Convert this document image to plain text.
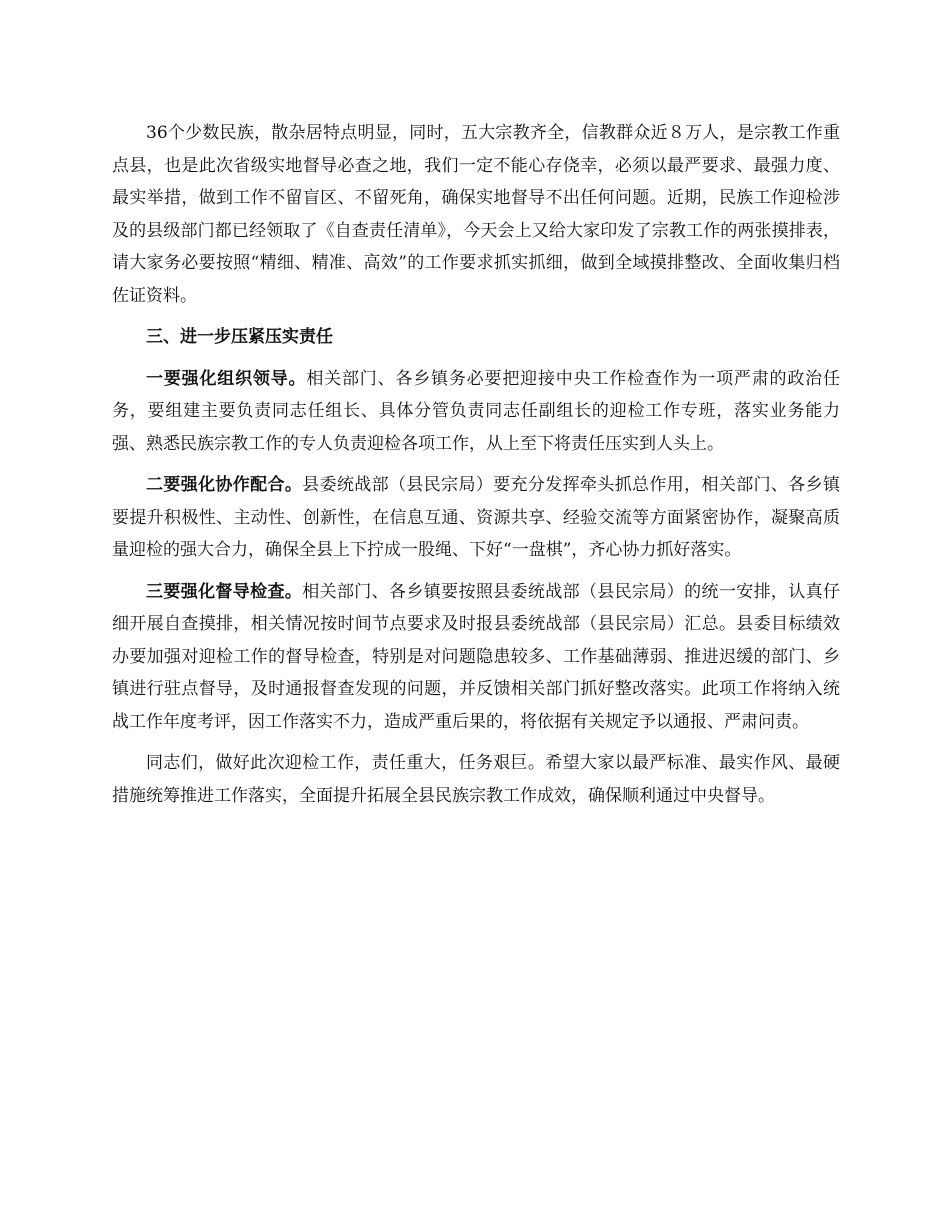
36个少数民族，散杂居特点明显，同时，五大宗教齐全，信教群众近８万人，是宗教工作重点县，也是此次省级实地督导必查之地，我们一定不能心存侥幸，必须以最严要求、最强力度、最实举措，做到工作不留盲区、不留死角，确保实地督导不出任何问题。近期，民族工作迎检涉及的县级部门都已经领取了《自查责任清单》，今天会上又给大家印发了宗教工作的两张摸排表，请大家务必要按照“精细、精准、高效”的工作要求抓实抓细，做到全域摸排整改、全面收集归档佐证资料。

三、进一步压紧压实责任

一要强化组织领导。相关部门、各乡镇务必要把迎接中央工作检查作为一项严肃的政治任务，要组建主要负责同志任组长、具体分管负责同志任副组长的迎检工作专班，落实业务能力强、熟悉民族宗教工作的专人负责迎检各项工作，从上至下将责任压实到人头上。

二要强化协作配合。县委统战部（县民宗局）要充分发挥牵头抓总作用，相关部门、各乡镇要提升积极性、主动性、创新性，在信息互通、资源共享、经验交流等方面紧密协作，凝聚高质量迎检的强大合力，确保全县上下拧成一股绳、下好“一盘棋”，齐心协力抓好落实。

三要强化督导检查。相关部门、各乡镇要按照县委统战部（县民宗局）的统一安排，认真仔细开展自查摸排，相关情况按时间节点要求及时报县委统战部（县民宗局）汇总。县委目标绩效办要加强对迎检工作的督导检查，特别是对问题隐患较多、工作基础薄弱、推进迟缓的部门、乡镇进行驻点督导，及时通报督查发现的问题，并反馈相关部门抓好整改落实。此项工作将纳入统战工作年度考评，因工作落实不力，造成严重后果的，将依据有关规定予以通报、严肃问责。

同志们，做好此次迎检工作，责任重大，任务艰巨。希望大家以最严标准、最实作风、最硬措施统筹推进工作落实，全面提升拓展全县民族宗教工作成效，确保顺利通过中央督导。
